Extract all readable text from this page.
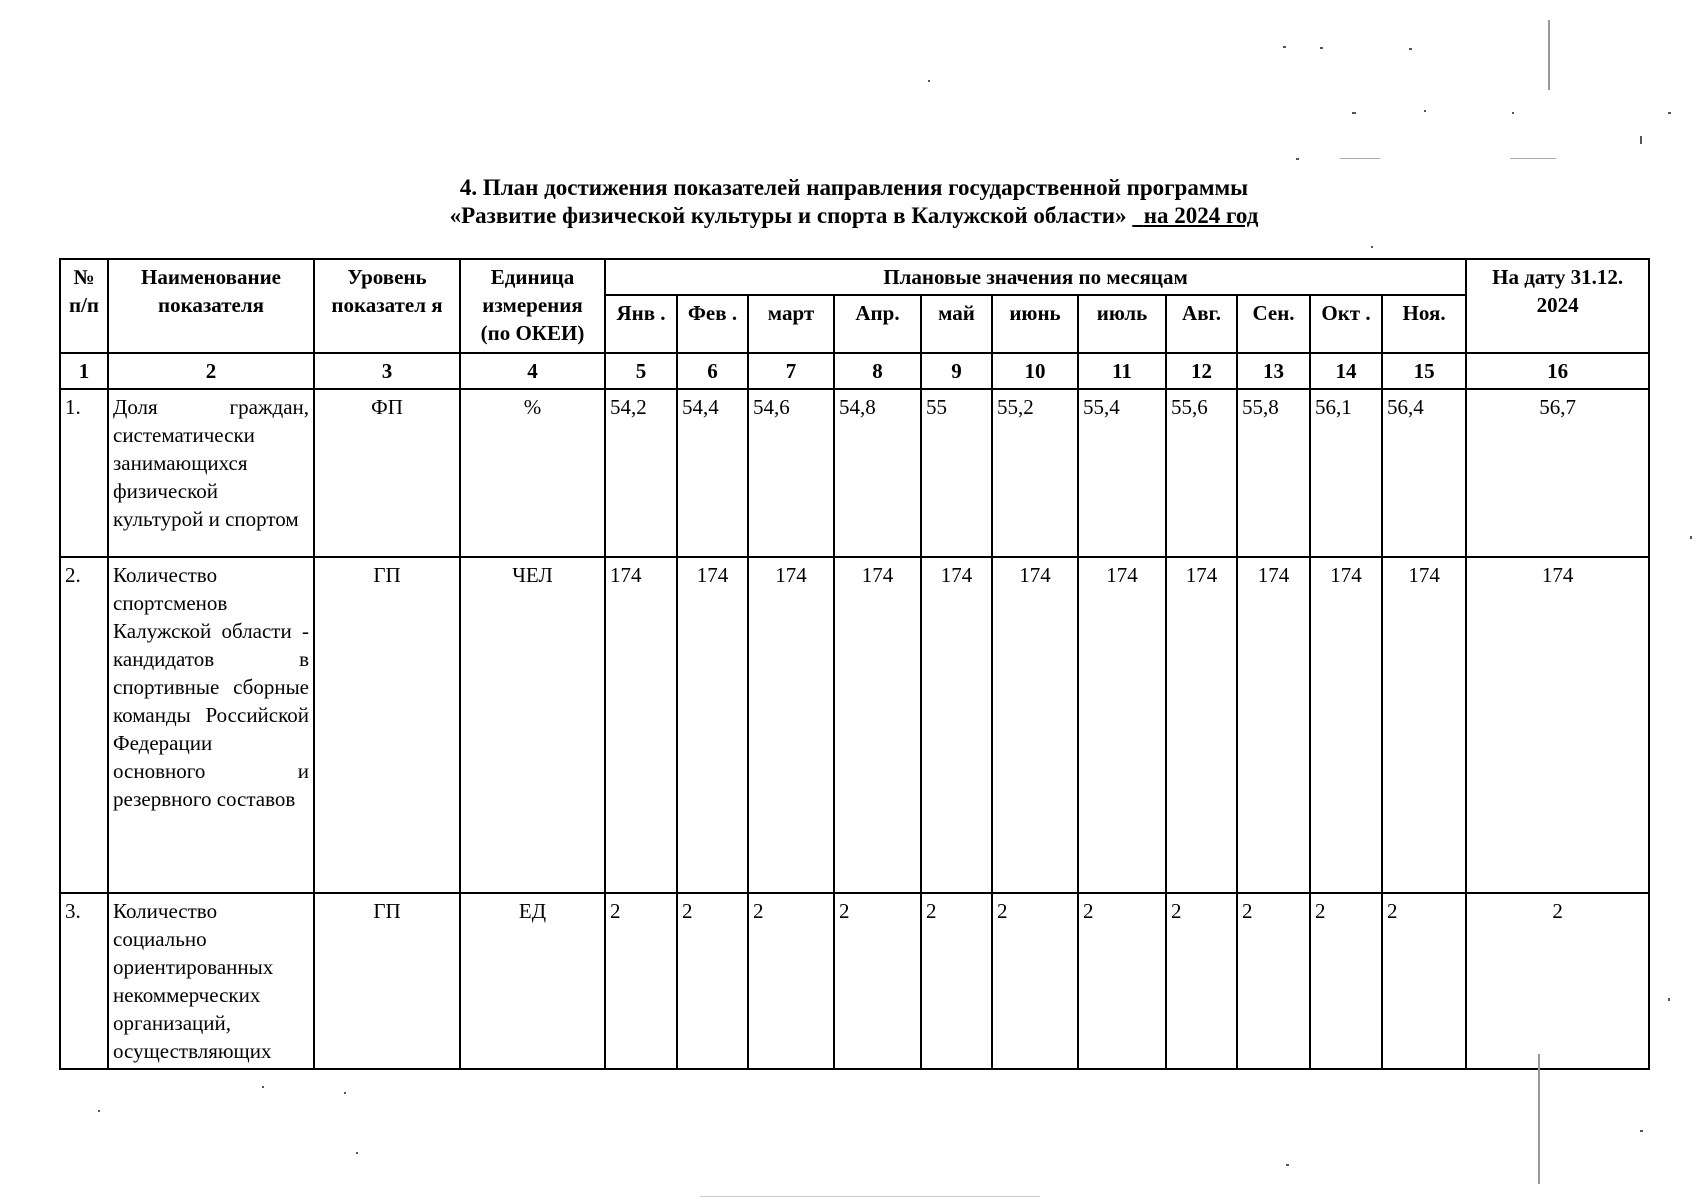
4. План достижения показателей направления государственной программы
«Развитие физической культуры и спорта в Калужской области» на 2024 год
№ п/п	Наименование показателя	Уровень показател я	Единица измерения (по ОКЕИ)	Плановые значения по месяцам											На дату 31.12. 2024
				Янв .	Фев .	март	Апр.	май	июнь	июль	Авг.	Сен.	Окт .	Ноя.	
1	2	3	4	5	6	7	8	9	10	11	12	13	14	15	16
1.	Доля граждан, систематически занимающихся физической культурой и спортом	ФП	%	54,2	54,4	54,6	54,8	55	55,2	55,4	55,6	55,8	56,1	56,4	56,7
2.	Количество спортсменов Калужской области - кандидатов в спортивные сборные команды Российской Федерации основного и резервного составов	ГП	ЧЕЛ	174	174	174	174	174	174	174	174	174	174	174	174
3.	Количество социально ориентированных некоммерческих организаций, осуществляющих	ГП	ЕД	2	2	2	2	2	2	2	2	2	2	2	2
